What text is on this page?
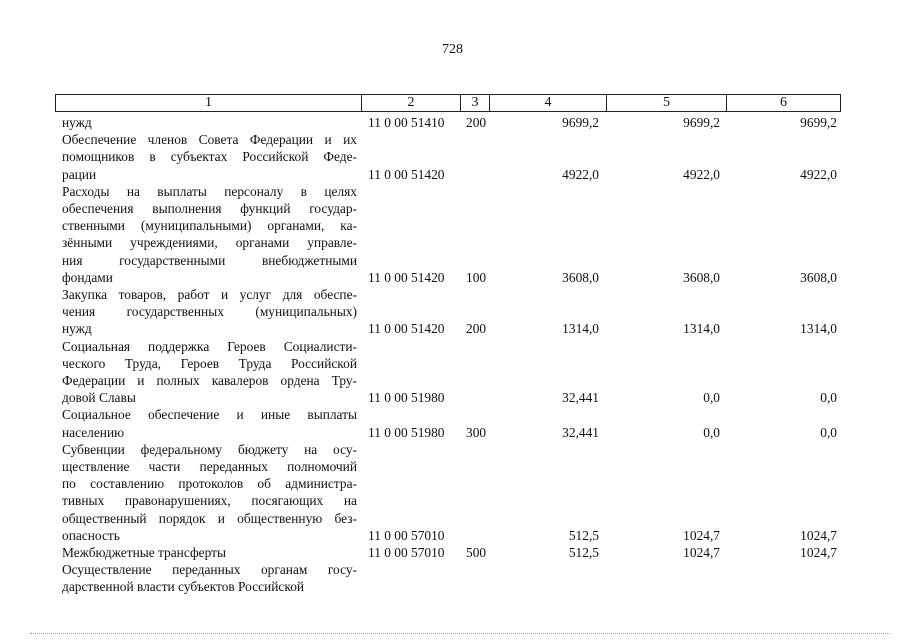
728
1	2	3	4	5	6
нужд	11 0 00 51410 200	9699,2	9699,2	9699,2
Обеспечение членов Совета Федерации и их
помощников в субъектах Российской Феде-
рации	11 0 00 51420	4922,0	4922,0	4922,0
Расходы на выплаты персоналу в целях
обеспечения выполнения функций государ-
ственными (муниципальными) органами, ка-
зёнными учреждениями, органами управле-
ния государственными внебюджетными
фондами	11 0 00 51420 100	3608,0	3608,0	3608,0
Закупка товаров, работ и услуг для обеспе-
чения государственных (муниципальных)
нужд	11 0 00 51420 200	1314,0	1314,0	1314,0
Социальная поддержка Героев Социалисти-
ческого Труда, Героев Труда Российской
Федерации и полных кавалеров ордена Тру-
довой Славы	11 0 00 51980	32,441	0,0	0,0
Социальное обеспечение и иные выплаты
населению	11 0 00 51980 300	32,441	0,0	0,0
Субвенции федеральному бюджету на осу-
ществление части переданных полномочий
по составлению протоколов об администра-
тивных правонарушениях, посягающих на
общественный порядок и общественную без-
опасность	11 0 00 57010	512,5	1024,7	1024,7
Межбюджетные трансферты	11 0 00 57010 500	512,5	1024,7	1024,7
Осуществление переданных органам госу-
дарственной власти субъектов Российской
